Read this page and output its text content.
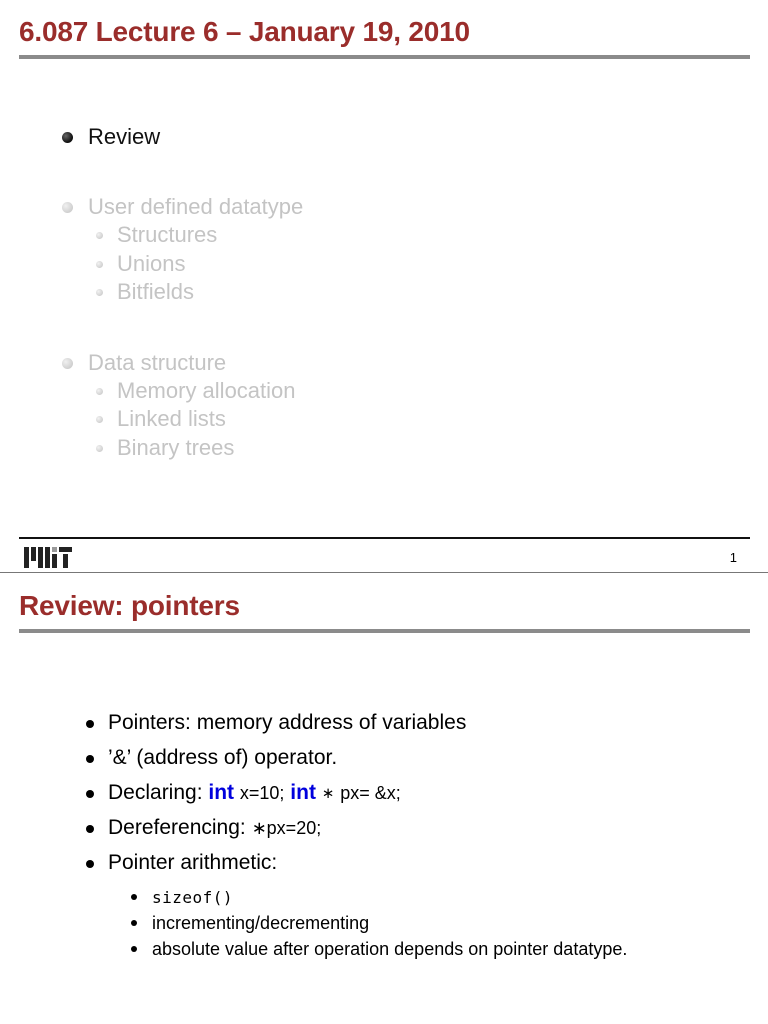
6.087 Lecture 6 – January 19, 2010
Review
User defined datatype
Structures
Unions
Bitfields
Data structure
Memory allocation
Linked lists
Binary trees
1
Review: pointers
Pointers: memory address of variables
’&’ (address of) operator.
Declaring: int x=10; int ∗ px= &x;
Dereferencing: ∗px=20;
Pointer arithmetic:
sizeof()
incrementing/decrementing
absolute value after operation depends on pointer datatype.
